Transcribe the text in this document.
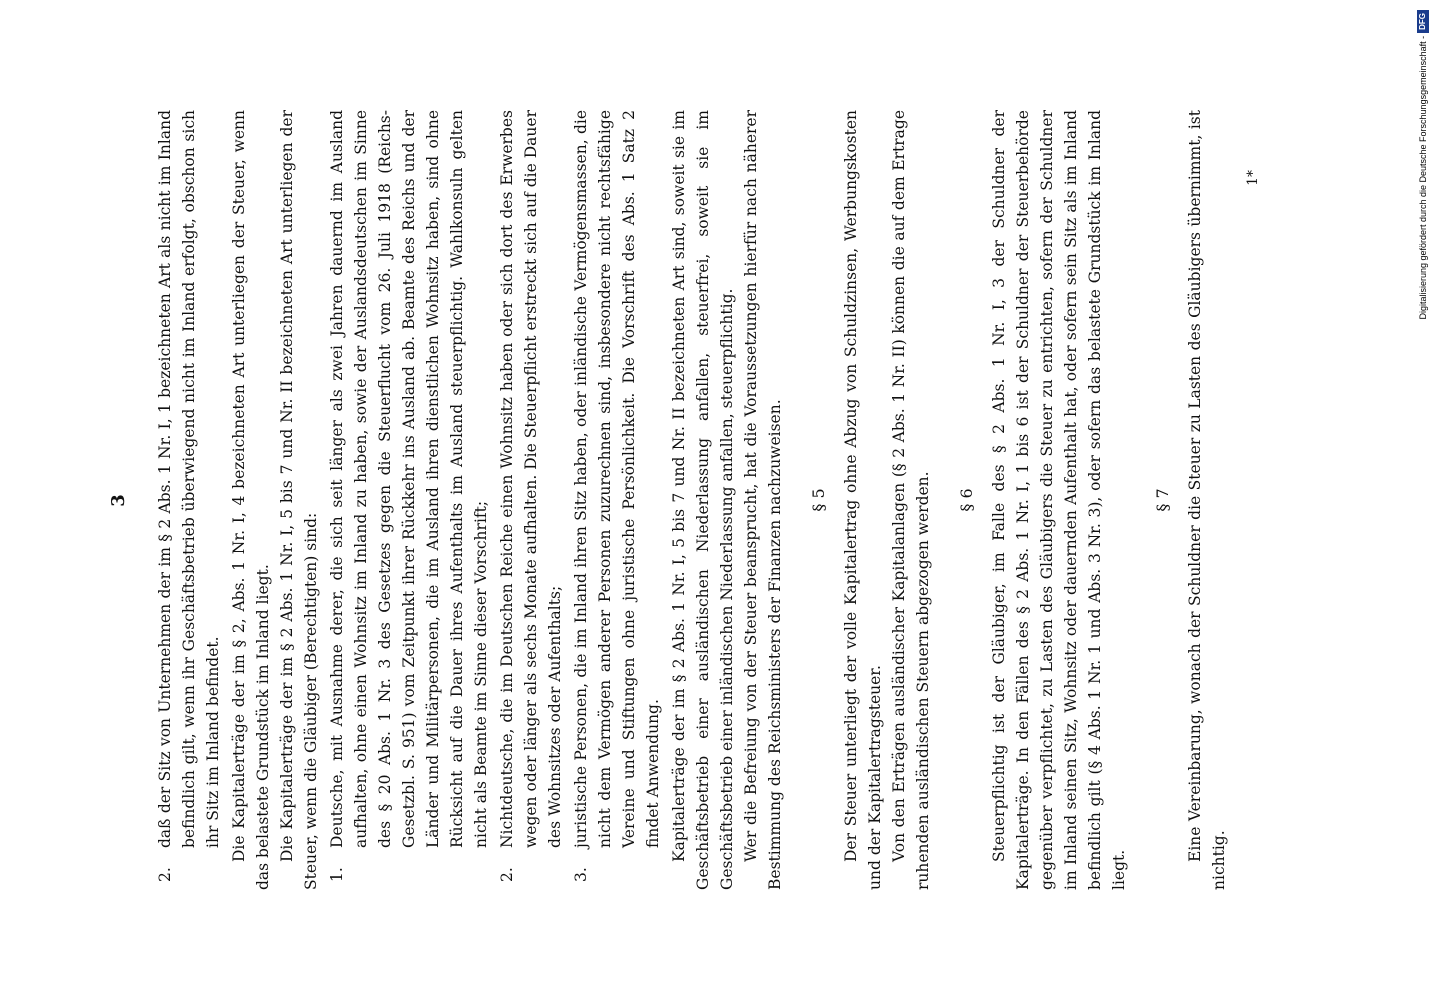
3
2.
daß der Sitz von Unternehmen der im § 2 Abs. 1 Nr. I, 1 bezeichneten Art als nicht im Inland befindlich gilt, wenn ihr Geschäftsbetrieb überwiegend nicht im Inland erfolgt, obschon sich ihr Sitz im Inland befindet. Die Kapitalerträge der im § 2, Abs. 1 Nr. I, 4 bezeichneten Art unterliegen der Steuer, wenn das belastete Grundstück im Inland liegt. Die Kapitalerträge der im § 2 Abs. 1 Nr. I, 5 bis 7 und Nr. II bezeichneten Art unterliegen der Steuer, wenn die Gläubiger (Berechtigten) sind: 1.
Deutsche, mit Ausnahme derer, die sich seit länger als zwei Jahren dauernd im Ausland aufhalten, ohne einen Wohnsitz im Inland zu haben, sowie der Auslandsdeutschen im Sinne des § 20 Abs. 1 Nr. 3 des Gesetzes gegen die Steuerflucht vom 26. Juli 1918 (Reichs-Gesetzbl. S. 951) vom Zeitpunkt ihrer Rückkehr ins Ausland ab. Beamte des Reichs und der Länder und Militärpersonen, die im Ausland ihren dienstlichen Wohnsitz haben, sind ohne Rücksicht auf die Dauer ihres Aufenthalts im Ausland steuerpflichtig. Wahlkonsuln gelten nicht als Beamte im Sinne dieser Vorschrift;
2.
Nichtdeutsche, die im Deutschen Reiche einen Wohnsitz haben oder sich dort des Erwerbes wegen oder länger als sechs Monate aufhalten. Die Steuerpflicht erstreckt sich auf die Dauer des Wohnsitzes oder Aufenthalts;
3.
juristische Personen, die im Inland ihren Sitz haben, oder inländische Vermögensmassen, die nicht dem Vermögen anderer Personen zuzurechnen sind, insbesondere nicht rechtsfähige Vereine und Stiftungen ohne juristische Persönlichkeit. Die Vorschrift des Abs. 1 Satz 2 findet Anwendung. Kapitalerträge der im § 2 Abs. 1 Nr. I, 5 bis 7 und Nr. II bezeichneten Art sind, soweit sie im Geschäftsbetrieb einer ausländischen Niederlassung anfallen, steuerfrei, soweit sie im Geschäftsbetrieb einer inländischen Niederlassung anfallen, steuerpflichtig. Wer die Befreiung von der Steuer beansprucht, hat die Voraussetzungen hierfür nach näherer Bestimmung des Reichsministers der Finanzen nachzuweisen. § 5 Der Steuer unterliegt der volle Kapitalertrag ohne Abzug von Schuldzinsen, Werbungskosten und der Kapitalertragsteuer. Von den Erträgen ausländischer Kapitalanlagen (§ 2 Abs. 1 Nr. II) können die auf dem Ertrage ruhenden ausländischen Steuern abgezogen werden. § 6 Steuerpflichtig ist der Gläubiger, im Falle des § 2 Abs. 1 Nr. I, 3 der Schuldner der Kapitalerträge. In den Fällen des § 2 Abs. 1 Nr. I, 1 bis 6 ist der Schuldner der Steuerbehörde gegenüber verpflichtet, zu Lasten des Gläubigers die Steuer zu entrichten, sofern der Schuldner im Inland seinen Sitz, Wohnsitz oder dauernden Aufenthalt hat, oder sofern sein Sitz als im Inland befindlich gilt (§ 4 Abs. 1 Nr. 1 und Abs. 3 Nr. 3), oder sofern das belastete Grundstück im Inland liegt.

§ 7 Eine Vereinbarung, wonach der Schuldner die Steuer zu Lasten des Gläubigers übernimmt, ist nichtig.

1*	Digitalisierung gefördert durch die Deutsche Forschungsgemeinschaft -
DFG
